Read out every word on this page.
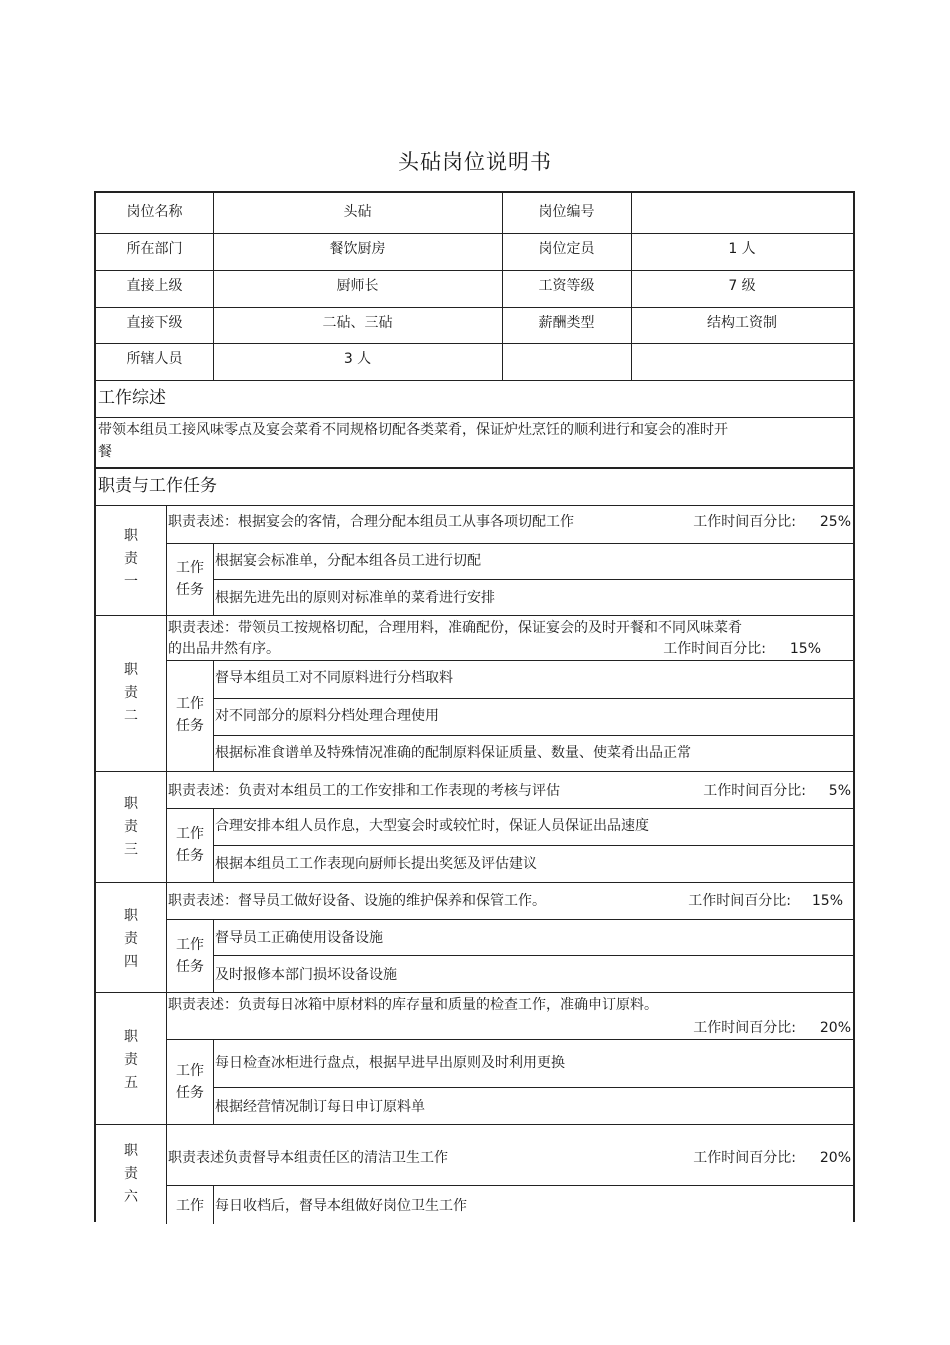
头砧岗位说明书
岗位名称	头砧	岗位编号
所在部门	餐饮厨房	岗位定员	1 人
直接上级	厨师长	工资等级	7 级
直接下级	二砧、三砧	薪酬类型	结构工资制
所辖人员	3 人
工作综述
带领本组员工接风味零点及宴会菜肴不同规格切配各类菜肴，保证炉灶烹饪的顺利进行和宴会的准时开
餐
职责与工作任务
职
责
一
职责表述：根据宴会的客情，合理分配本组员工从事各项切配工作	工作时间百分比:	25%
工作
任务
根据宴会标准单，分配本组各员工进行切配
根据先进先出的原则对标准单的菜肴进行安排
职
责
二
职责表述：带领员工按规格切配，合理用料，准确配份，保证宴会的及时开餐和不同风味菜肴
的出品井然有序。	工作时间百分比:	15%
工作
任务
督导本组员工对不同原料进行分档取料
对不同部分的原料分档处理合理使用
根据标准食谱单及特殊情况准确的配制原料保证质量、数量、使菜肴出品正常
职
责
三
职责表述：负责对本组员工的工作安排和工作表现的考核与评估	工作时间百分比:	5%
工作
任务
合理安排本组人员作息，大型宴会时或较忙时，保证人员保证出品速度
根据本组员工工作表现向厨师长提出奖惩及评估建议
职
责
四
职责表述：督导员工做好设备、设施的维护保养和保管工作。	工作时间百分比:	15%
工作
任务
督导员工正确使用设备设施
及时报修本部门损坏设备设施
职
责
五
职责表述：负责每日冰箱中原材料的库存量和质量的检查工作，准确申订原料。
工作时间百分比:	20%
工作
任务
每日检查冰柜进行盘点，根据早进早出原则及时利用更换
根据经营情况制订每日申订原料单
职
责
六
职责表述负责督导本组责任区的清洁卫生工作	工作时间百分比:	20%
工作 每日收档后，督导本组做好岗位卫生工作
